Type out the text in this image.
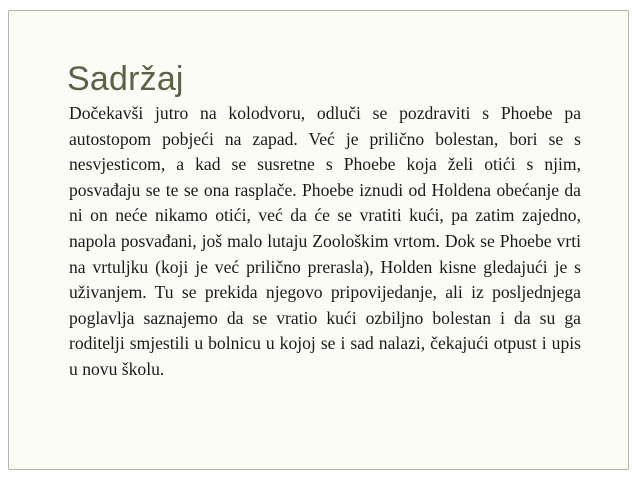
Sadržaj

Dočekavši jutro na kolodvoru, odluči se pozdraviti s Phoebe pa autostopom pobjeći na zapad. Već je prilično bolestan, bori se s nesvjesticom, a kad se susretne s Phoebe koja želi otići s njim, posvađaju se te se ona rasplače. Phoebe iznudi od Holdena obećanje da ni on neće nikamo otići, već da će se vratiti kući, pa zatim zajedno, napola posvađani, još malo lutaju Zoološkim vrtom. Dok se Phoebe vrti na vrtuljku (koji je već prilično prerasla), Holden kisne gledajući je s uživanjem. Tu se prekida njegovo pripovijedanje, ali iz posljednjega poglavlja saznajemo da se vratio kući ozbiljno bolestan i da su ga roditelji smjestili u bolnicu u kojoj se i sad nalazi, čekajući otpust i upis u novu školu.
